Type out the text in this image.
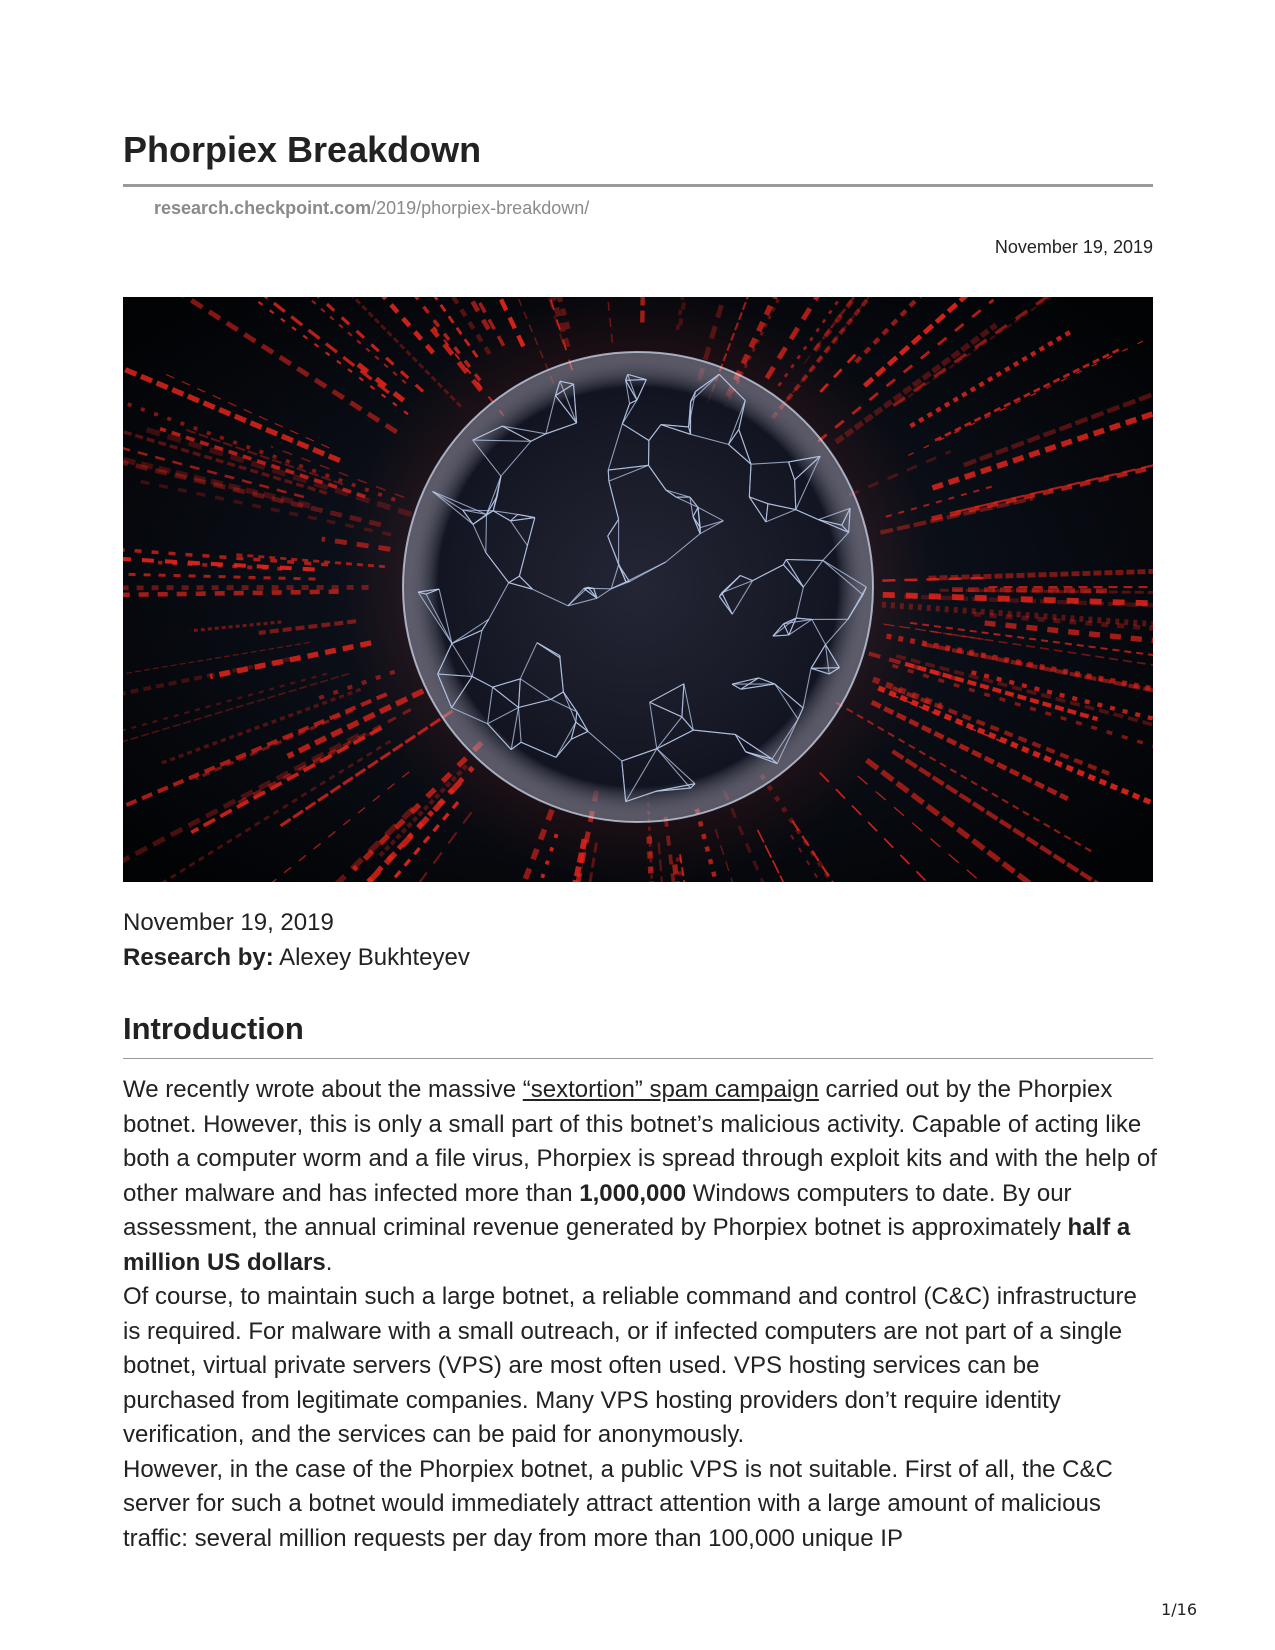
Phorpiex Breakdown
research.checkpoint.com/2019/phorpiex-breakdown/
November 19, 2019
November 19, 2019
Research by: Alexey Bukhteyev
Introduction

We recently wrote about the massive “sextortion” spam campaign carried out by the Phorpiex botnet. However, this is only a small part of this botnet’s malicious activity. Capable of acting like both a computer worm and a file virus, Phorpiex is spread through exploit kits and with the help of other malware and has infected more than 1,000,000 Windows computers to date. By our assessment, the annual criminal revenue generated by Phorpiex botnet is approximately half a million US dollars.

Of course, to maintain such a large botnet, a reliable command and control (C&C) infrastructure is required. For malware with a small outreach, or if infected computers are not part of a single botnet, virtual private servers (VPS) are most often used. VPS hosting services can be purchased from legitimate companies. Many VPS hosting providers don’t require identity verification, and the services can be paid for anonymously.

However, in the case of the Phorpiex botnet, a public VPS is not suitable. First of all, the C&C server for such a botnet would immediately attract attention with a large amount of malicious traffic: several million requests per day from more than 100,000 unique IP

1/16
